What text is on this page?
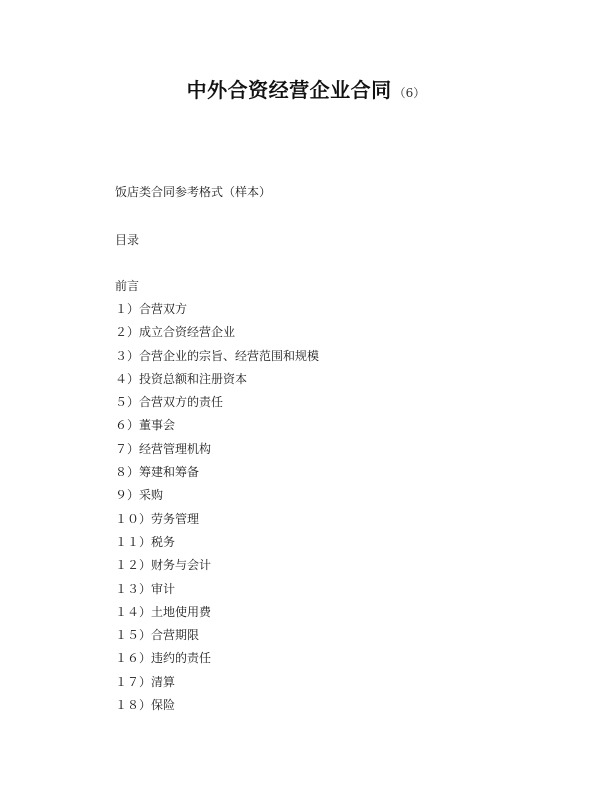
中外合资经营企业合同 （6）
饭店类合同参考格式（样本）
目录
前言
１）合营双方
２）成立合资经营企业
３）合营企业的宗旨、经营范围和规模
４）投资总额和注册资本
５）合营双方的责任
６）董事会
７）经营管理机构
８）筹建和筹备
９）采购
１０）劳务管理
１１）税务
１２）财务与会计
１３）审计
１４）土地使用费
１５）合营期限
１６）违约的责任
１７）清算
１８）保险
